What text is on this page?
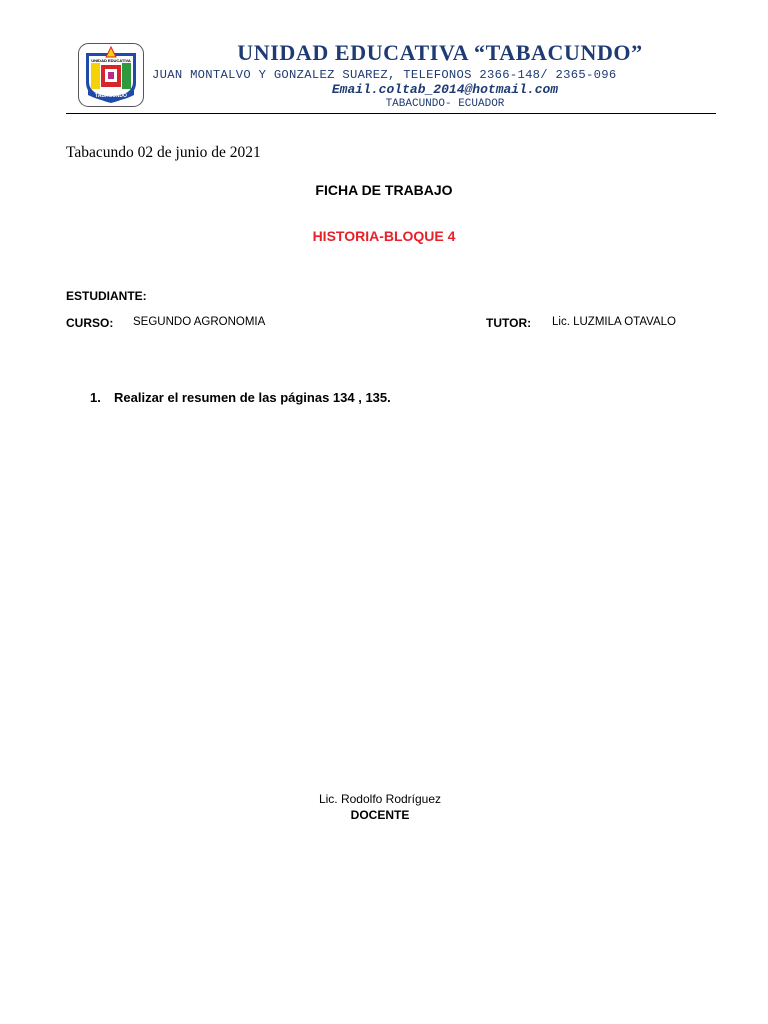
TABACUNDO
UNIDAD EDUCATIVA	UNIDAD EDUCATIVA “TABACUNDO”
JUAN MONTALVO Y GONZALEZ SUAREZ, TELEFONOS 2366-148/ 2365-096
Email.coltab_2014@hotmail.com
TABACUNDO- ECUADOR
Tabacundo 02 de junio de 2021
FICHA DE TRABAJO
HISTORIA-BLOQUE 4
ESTUDIANTE:
CURSO: SEGUNDO AGRONOMIA	TUTOR: Lic. LUZMILA OTAVALO
1. Realizar el resumen de las páginas 134 , 135.
Lic. Rodolfo Rodríguez
DOCENTE
